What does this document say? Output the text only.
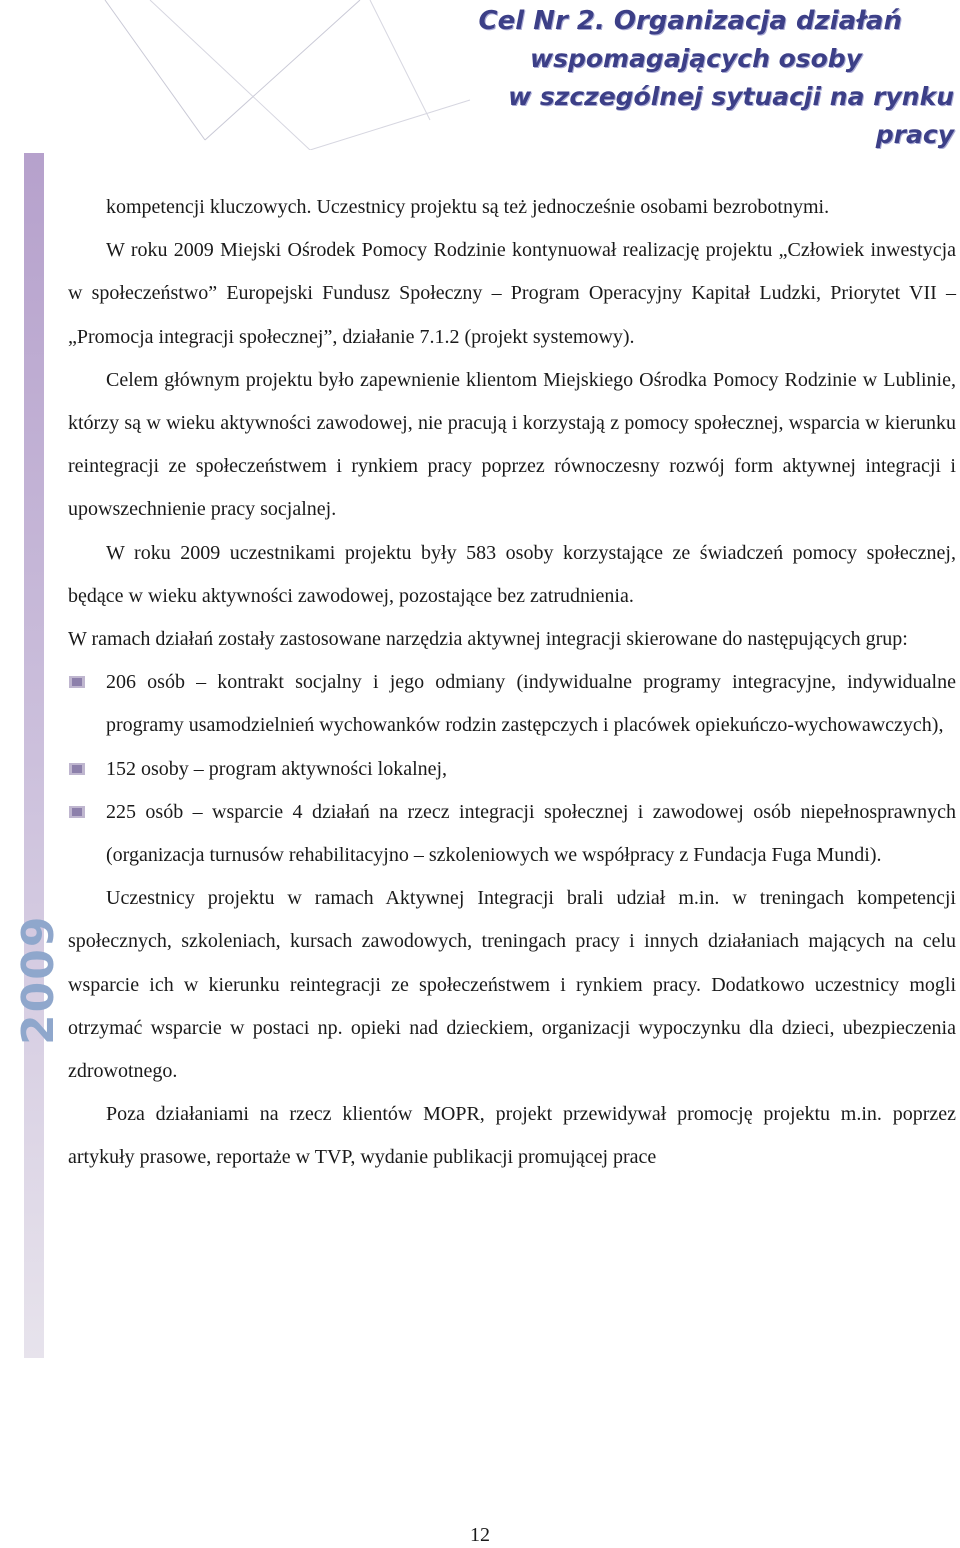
Cel Nr 2. Organizacja działań
wspomagających osoby
w szczególnej sytuacji na rynku pracy
2009

kompetencji kluczowych. Uczestnicy projektu są też jednocześnie osobami bezrobotnymi.

W roku 2009 Miejski Ośrodek Pomocy Rodzinie kontynuował realizację projektu „Człowiek inwestycja w społeczeństwo” Europejski Fundusz Społeczny – Program Operacyjny Kapitał Ludzki, Priorytet VII – „Promocja integracji społecznej”, działanie 7.1.2 (projekt systemowy).

Celem głównym projektu było zapewnienie klientom Miejskiego Ośrodka Pomocy Rodzinie w Lublinie, którzy są w wieku aktywności zawodowej, nie pracują i korzystają z pomocy społecznej, wsparcia w kierunku reintegracji ze społeczeństwem i rynkiem pracy poprzez równoczesny rozwój form aktywnej integracji i upowszechnienie pracy socjalnej.

W roku 2009 uczestnikami projektu były 583 osoby korzystające ze świadczeń pomocy społecznej, będące w wieku aktywności zawodowej, pozostające bez zatrudnienia.

W ramach działań zostały zastosowane narzędzia aktywnej integracji skierowane do następujących grup:

206 osób – kontrakt socjalny i jego odmiany (indywidualne programy integracyjne, indywidualne programy usamodzielnień wychowanków rodzin zastępczych i placówek opiekuńczo-wychowawczych),
152 osoby – program aktywności lokalnej,
225 osób – wsparcie 4 działań na rzecz integracji społecznej i zawodowej osób niepełnosprawnych (organizacja turnusów rehabilitacyjno – szkoleniowych we współpracy z Fundacja Fuga Mundi).

Uczestnicy projektu w ramach Aktywnej Integracji brali udział m.in. w treningach kompetencji społecznych, szkoleniach, kursach zawodowych, treningach pracy i innych działaniach mających na celu wsparcie ich w kierunku reintegracji ze społeczeństwem i rynkiem pracy. Dodatkowo uczestnicy mogli otrzymać wsparcie w postaci np. opieki nad dzieckiem, organizacji wypoczynku dla dzieci, ubezpieczenia zdrowotnego.

Poza działaniami na rzecz klientów MOPR, projekt przewidywał promocję projektu m.in. poprzez artykuły prasowe, reportaże w TVP, wydanie publikacji promującej prace

12
